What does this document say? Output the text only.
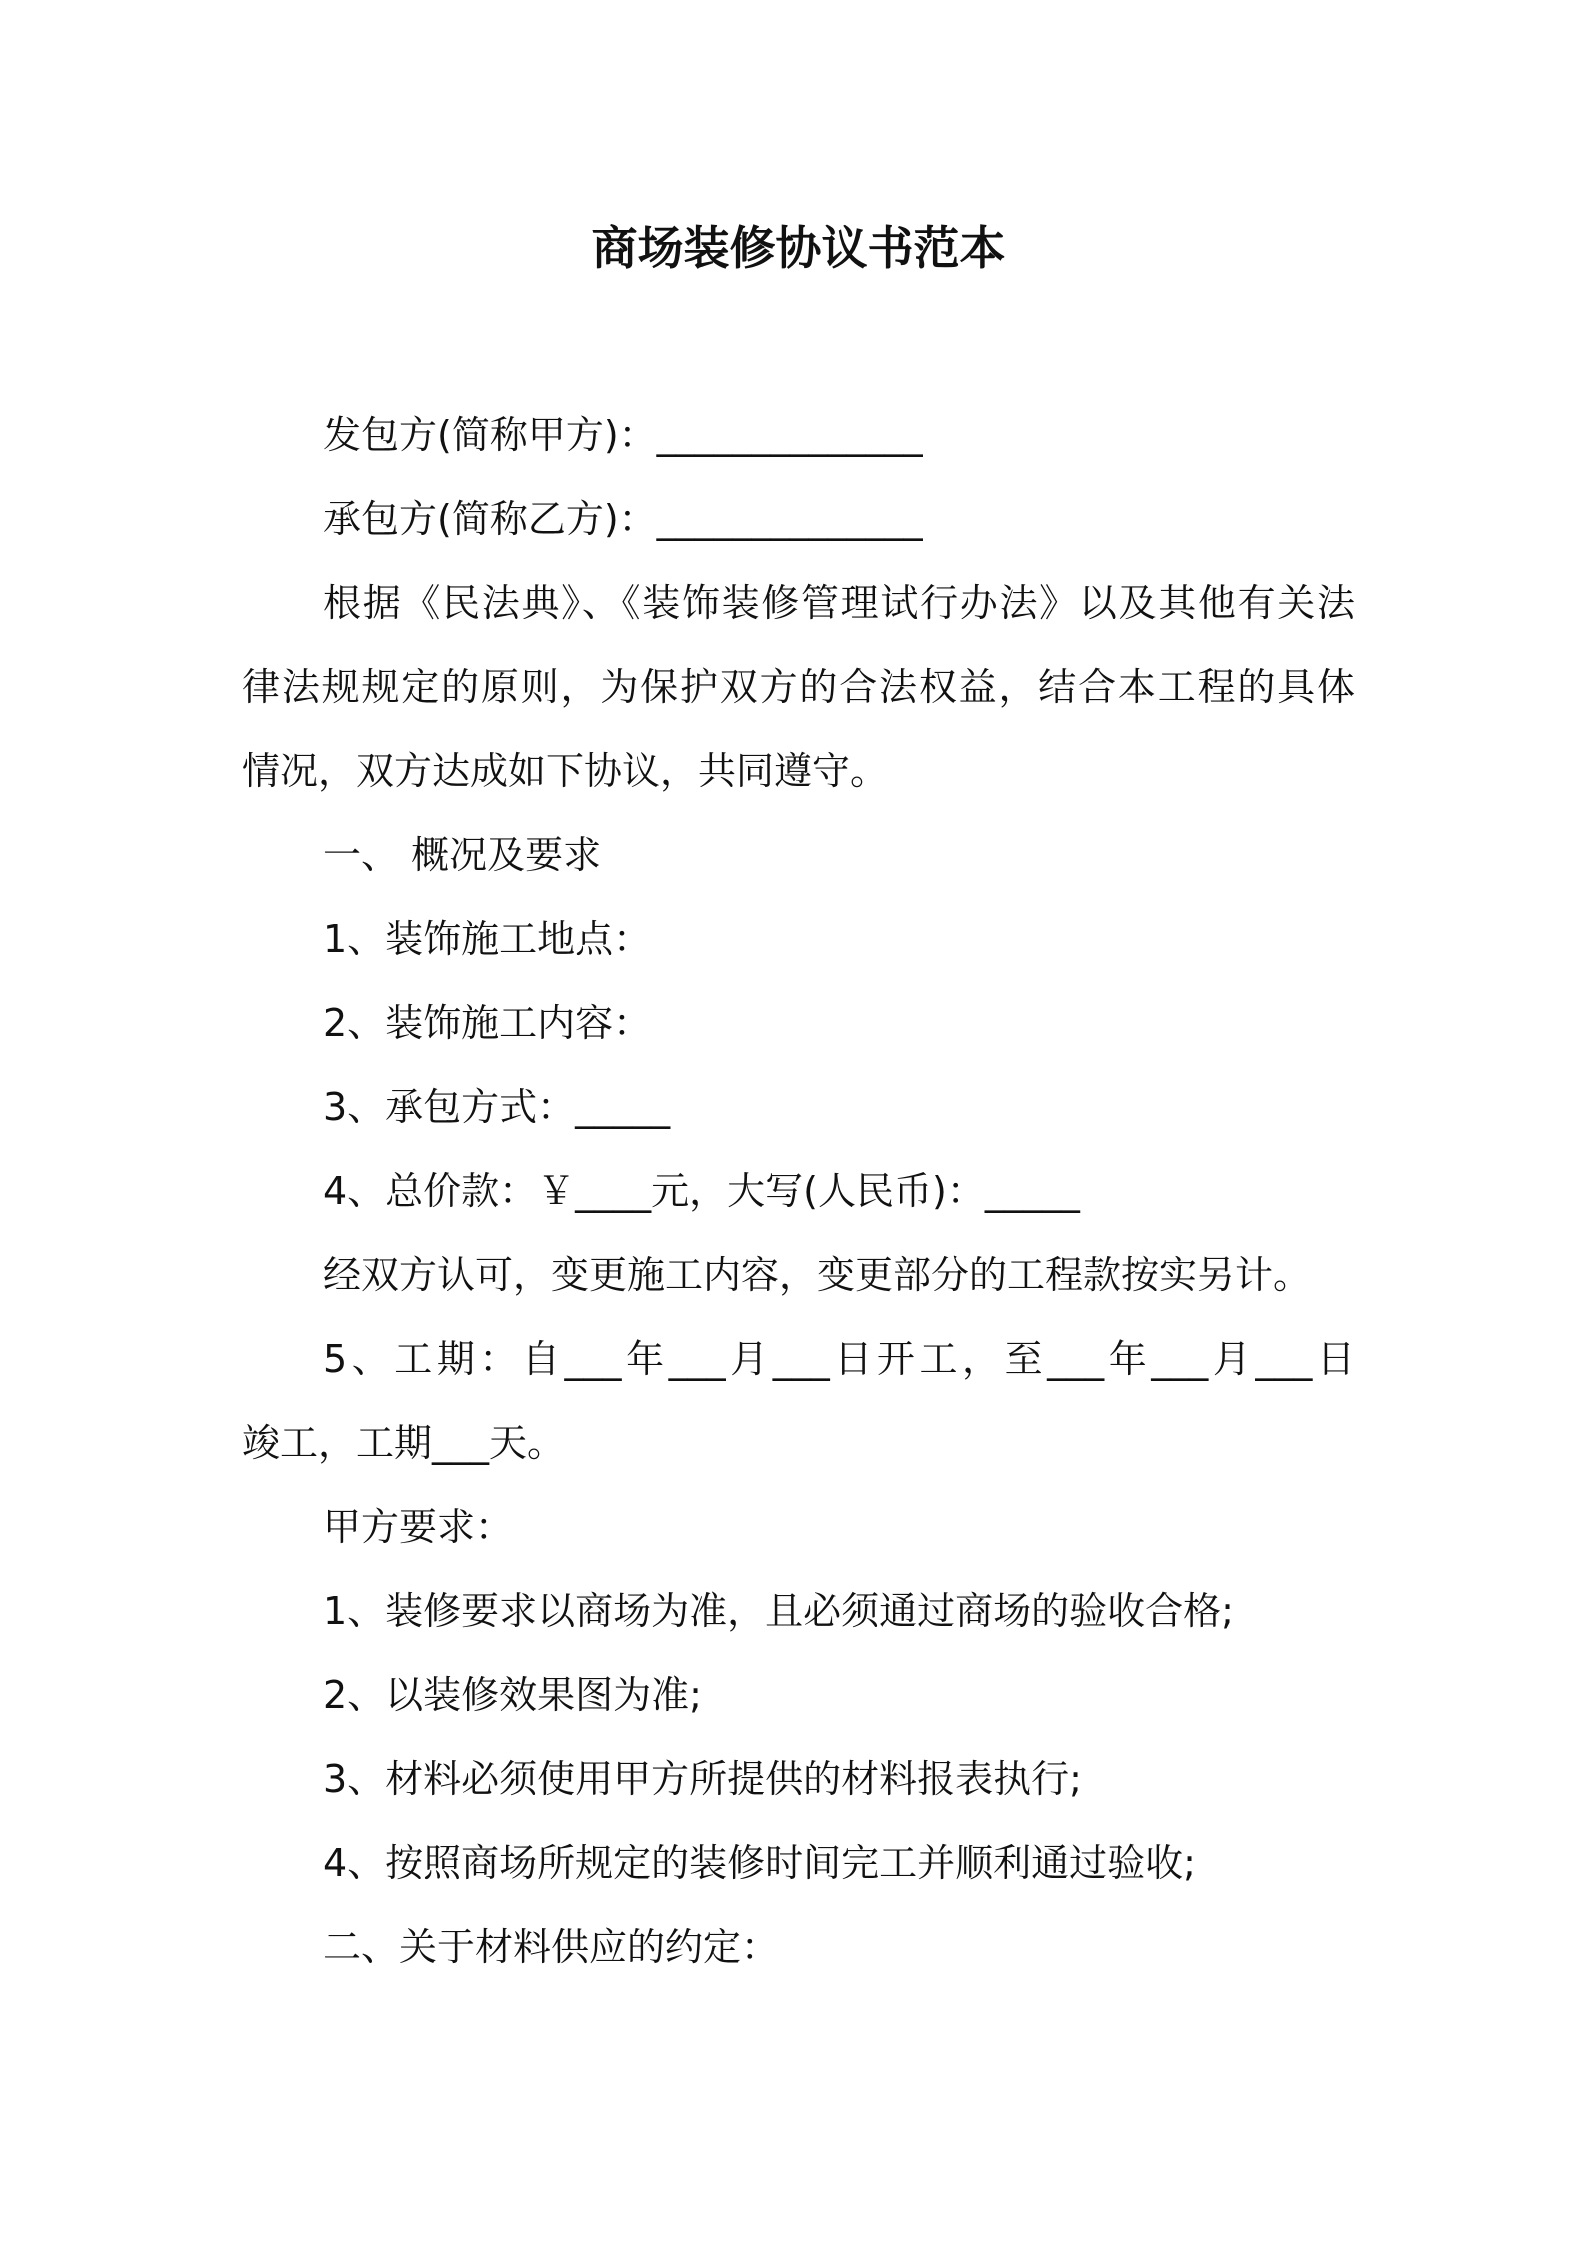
商场装修协议书范本
发包方(简称甲方)：______________
承包方(简称乙方)：______________
根据《民法典》、《装饰装修管理试行办法》以及其他有关法
律法规规定的原则，为保护双方的合法权益，结合本工程的具体
情况，双方达成如下协议，共同遵守。
一、 概况及要求
1、装饰施工地点：
2、装饰施工内容：
3、承包方式：_____
4、总价款：￥____元，大写(人民币)：_____
经双方认可，变更施工内容，变更部分的工程款按实另计。
5、工期：自___年___月___日开工，至___年___月___日
竣工，工期___天。
甲方要求：
1、装修要求以商场为准，且必须通过商场的验收合格;
2、以装修效果图为准;
3、材料必须使用甲方所提供的材料报表执行;
4、按照商场所规定的装修时间完工并顺利通过验收;
二、关于材料供应的约定：
